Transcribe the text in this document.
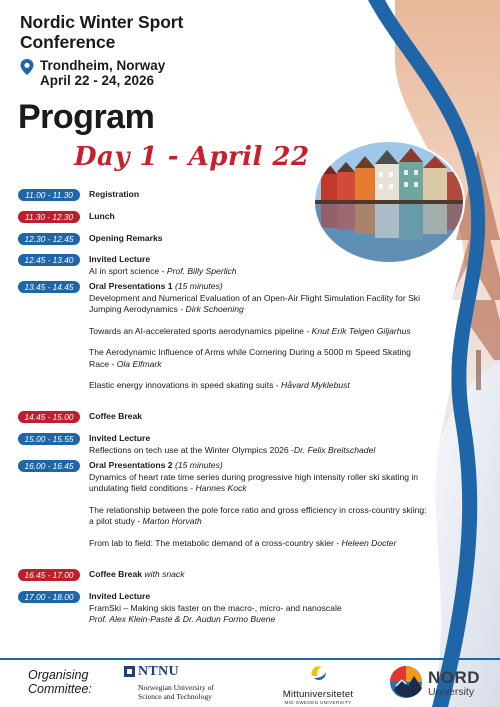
Nordic Winter Sport
Conference
Trondheim, Norway
April 22 - 24, 2026
Program
Day 1 - April 22
11.00 - 11.30	Registration
11.30 - 12.30	Lunch
12.30 - 12.45	Opening Remarks
12.45 - 13.40	Invited Lecture

AI in sport science - Prof. Billy Sperlich

13.45 - 14.45	Oral Presentations 1 (15 minutes)

Development and Numerical Evaluation of an Open-Air Flight Simulation Facility for Ski Jumping Aerodynamics - Dirk Schoening

Towards an AI-accelerated sports aerodynamics pipeline - Knut Erik Teigen Giljarhus

The Aerodynamic Influence of Arms while Cornering During a 5000 m Speed Skating Race - Ola Elfmark

Elastic energy innovations in speed skating suits - Håvard Myklebust

14.45 - 15.00	Coffee Break
15.00 - 15.55	Invited Lecture

Reflections on tech use at the Winter Olympics 2026 -Dr. Felix Breitschadel

16.00 - 16.45	Oral Presentations 2 (15 minutes)

Dynamics of heart rate time series during progressive high intensity roller ski skating in undulating field conditions - Hannes Kock

The relationship between the pole force ratio and gross efficiency in cross-country skiing: a pilot study - Marton Horvath

From lab to field: The metabolic demand of a cross-country skier - Heleen Docter

16.45 - 17.00	Coffee Break with snack
17.00 - 18.00	Invited Lecture

FramSki – Making skis faster on the macro-, micro- and nanoscale

Prof. Alex Klein-Paste & Dr. Audun Formo Buene

Organising
Committee:
NTNU
Norwegian University of
Science and Technology	Mittuniversitetet
MID SWEDEN UNIVERSITY
NORD
University
